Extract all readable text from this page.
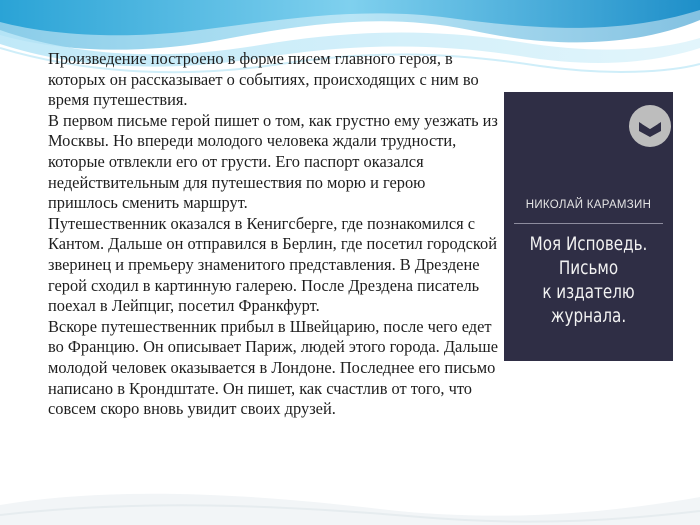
Произведение построено в форме писем главного героя, в которых он рассказывает о событиях, происходящих с ним во время путешествия.

В первом письме герой пишет о том, как грустно ему уезжать из Москвы. Но впереди молодого человека ждали трудности, которые отвлекли его от грусти. Его паспорт оказался недействительным для путешествия по морю и герою пришлось сменить маршрут.

Путешественник оказался в Кенигсберге, где познакомился с Кантом. Дальше он отправился в Берлин, где посетил городской зверинец и премьеру знаменитого представления. В Дрездене герой сходил в картинную галерею. После Дрездена писатель поехал в Лейпциг, посетил Франкфурт.

Вскоре путешественник прибыл в Швейцарию, после чего едет во Францию. Он описывает Париж, людей этого города. Дальше молодой человек оказывается в Лондоне. Последнее его письмо написано в Крондштате. Он пишет, как счастлив от того, что совсем скоро вновь увидит своих друзей.

НИКОЛАЙ КАРАМЗИН
Моя Исповедь.
Письмо
к издателю
журнала.
